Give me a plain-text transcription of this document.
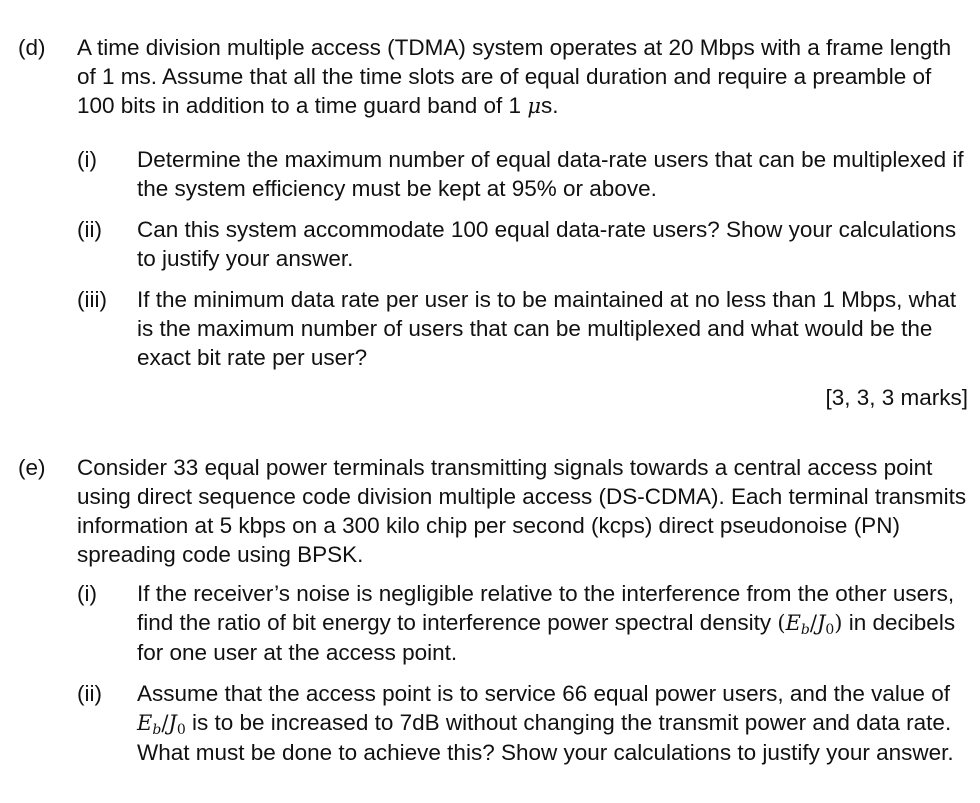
(d) A time division multiple access (TDMA) system operates at 20 Mbps with a frame length of 1 ms. Assume that all the time slots are of equal duration and require a preamble of 100 bits in addition to a time guard band of 1 μs.
(i) Determine the maximum number of equal data-rate users that can be multiplexed if the system efficiency must be kept at 95% or above.
(ii) Can this system accommodate 100 equal data-rate users? Show your calculations to justify your answer.
(iii) If the minimum data rate per user is to be maintained at no less than 1 Mbps, what is the maximum number of users that can be multiplexed and what would be the exact bit rate per user?
[3, 3, 3 marks]
(e) Consider 33 equal power terminals transmitting signals towards a central access point using direct sequence code division multiple access (DS-CDMA). Each terminal transmits information at 5 kbps on a 300 kilo chip per second (kcps) direct pseudonoise (PN) spreading code using BPSK.
(i) If the receiver’s noise is negligible relative to the interference from the other users, find the ratio of bit energy to interference power spectral density $(E_b/J_0)$ in decibels for one user at the access point.
(ii) Assume that the access point is to service 66 equal power users, and the value of $E_b/J_0$ is to be increased to 7dB without changing the transmit power and data rate. What must be done to achieve this? Show your calculations to justify your answer.
